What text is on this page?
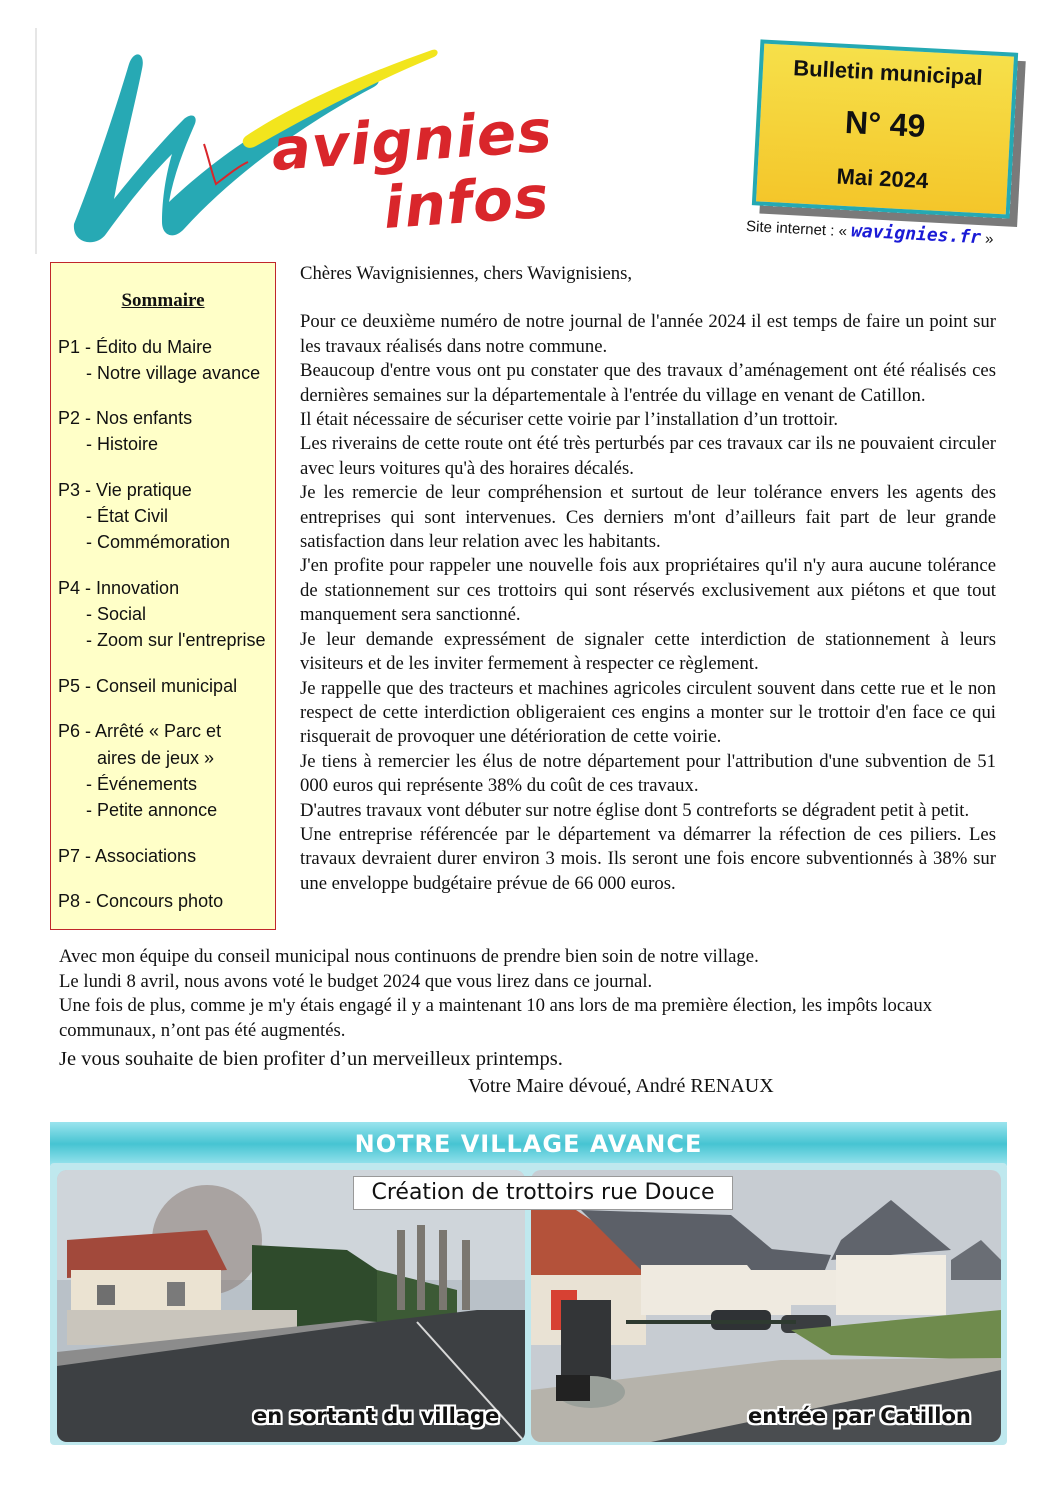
avignies
infos
Bulletin municipal
N° 49
Mai 2024
Site internet : « wavignies.fr »
Sommaire
P1 - Édito du Maire
- Notre village avance
P2 - Nos enfants
- Histoire
P3 - Vie pratique
- État Civil
- Commémoration
P4 - Innovation
- Social
- Zoom sur l'entreprise
P5 - Conseil municipal
P6 - Arrêté « Parc et
aires de jeux »
- Événements
- Petite annonce
P7 - Associations
P8 - Concours photo

Chères Wavignisiennes, chers Wavignisiens,

Pour ce deuxième numéro de notre journal de l'année 2024 il est temps de faire un point sur les travaux réalisés dans notre commune.

Beaucoup d'entre vous ont pu constater que des travaux d’aménagement ont été réalisés ces dernières semaines sur la départementale à l'entrée du village en venant de Catillon.

Il était nécessaire de sécuriser cette voirie par l’installation d’un trottoir.

Les riverains de cette route ont été très perturbés par ces travaux car ils ne pouvaient circuler avec leurs voitures qu'à des horaires décalés.

Je les remercie de leur compréhension et surtout de leur tolérance envers les agents des entreprises qui sont intervenues. Ces derniers m'ont d’ailleurs fait part de leur grande satisfaction dans leur relation avec les habitants.

J'en profite pour rappeler une nouvelle fois aux propriétaires qu'il n'y aura aucune tolérance de stationnement sur ces trottoirs qui sont réservés exclusivement aux piétons et que tout manquement sera sanctionné.

Je leur demande expressément de signaler cette interdiction de stationnement à leurs visiteurs et de les inviter fermement à respecter ce règlement.

Je rappelle que des tracteurs et machines agricoles circulent souvent dans cette rue et le non respect de cette interdiction obligeraient ces engins a monter sur le trottoir d'en face ce qui risquerait de provoquer une détérioration de cette voirie.

Je tiens à remercier les élus de notre département pour l'attribution d'une subvention de 51 000 euros qui représente 38% du coût de ces travaux.

D'autres travaux vont débuter sur notre église dont 5 contreforts se dégradent petit à petit.

Une entreprise référencée par le département va démarrer la réfection de ces piliers. Les travaux devraient durer environ 3 mois. Ils seront une fois encore subventionnés à 38% sur une enveloppe budgétaire prévue de 66 000 euros.

Avec mon équipe du conseil municipal nous continuons de prendre bien soin de notre village.

Le lundi 8 avril, nous avons voté le budget 2024 que vous lirez dans ce journal.

Une fois de plus, comme je m'y étais engagé il y a maintenant 10 ans lors de ma première élection, les impôts locaux communaux, n’ont pas été augmentés.

Je vous souhaite de bien profiter d’un merveilleux printemps.

Votre Maire dévoué, André RENAUX
NOTRE VILLAGE AVANCE
Création de trottoirs rue Douce
en sortant du village	entrée par Catillon
